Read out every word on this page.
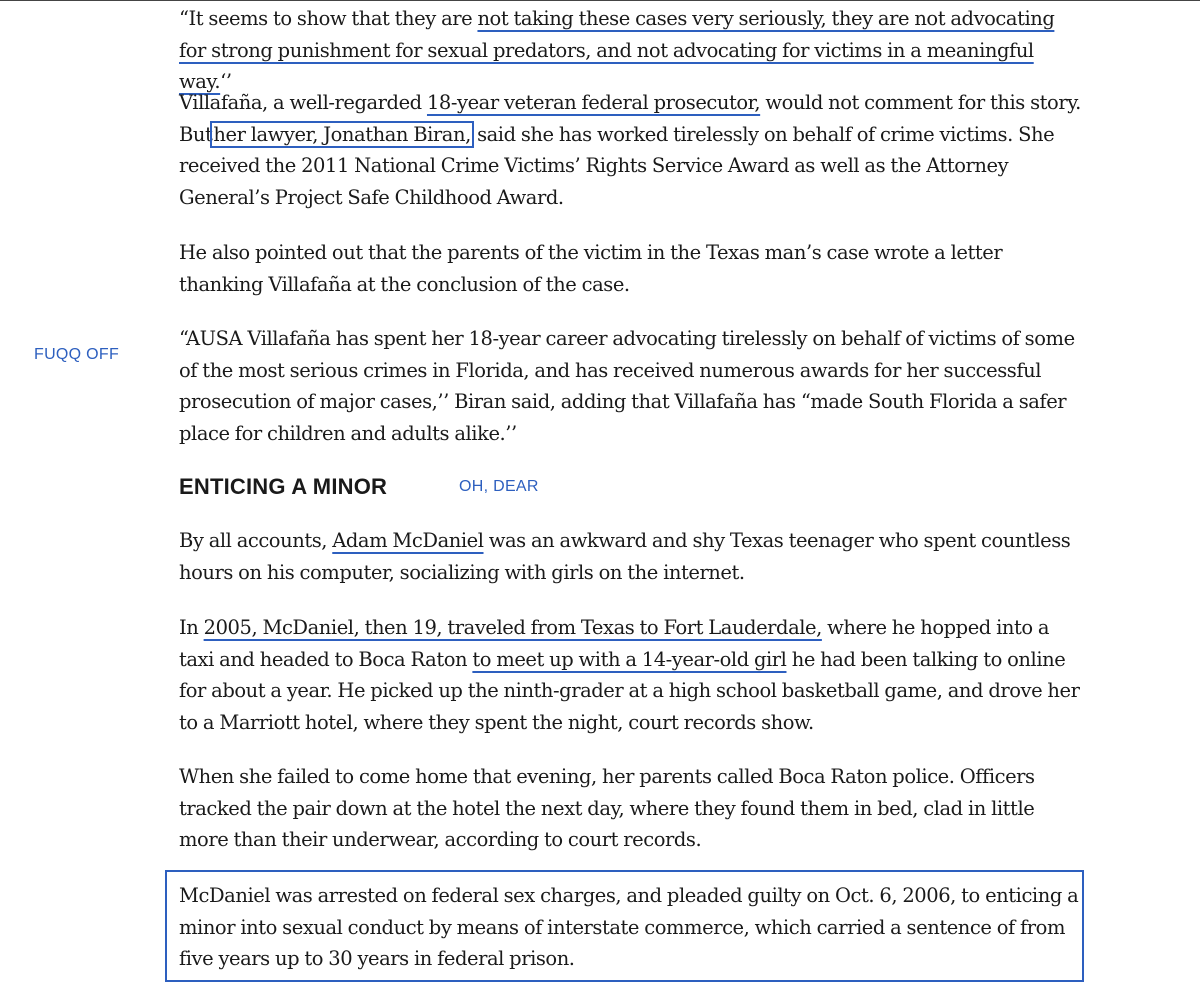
“It seems to show that they are not taking these cases very seriously, they are not advocating for strong punishment for sexual predators, and not advocating for victims in a meaningful way.‘’

Villafaña, a well-regarded 18-year veteran federal prosecutor, would not comment for this story. Buther lawyer, Jonathan Biran, said she has worked tirelessly on behalf of crime victims. She received the 2011 National Crime Victims’ Rights Service Award as well as the Attorney General’s Project Safe Childhood Award.

He also pointed out that the parents of the victim in the Texas man’s case wrote a letter thanking Villafaña at the conclusion of the case.

“AUSA Villafaña has spent her 18-year career advocating tirelessly on behalf of victims of some of the most serious crimes in Florida, and has received numerous awards for her successful prosecution of major cases,’’ Biran said, adding that Villafaña has “made South Florida a safer place for children and adults alike.’’

FUQQ OFF

ENTICING A MINOR	OH, DEAR

By all accounts, Adam McDaniel was an awkward and shy Texas teenager who spent countless hours on his computer, socializing with girls on the internet.

In 2005, McDaniel, then 19, traveled from Texas to Fort Lauderdale, where he hopped into a taxi and headed to Boca Raton to meet up with a 14-year-old girl he had been talking to online for about a year. He picked up the ninth-grader at a high school basketball game, and drove her to a Marriott hotel, where they spent the night, court records show.

When she failed to come home that evening, her parents called Boca Raton police. Officers tracked the pair down at the hotel the next day, where they found them in bed, clad in little more than their underwear, according to court records.

McDaniel was arrested on federal sex charges, and pleaded guilty on Oct. 6, 2006, to enticing a minor into sexual conduct by means of interstate commerce, which carried a sentence of from five years up to 30 years in federal prison.
